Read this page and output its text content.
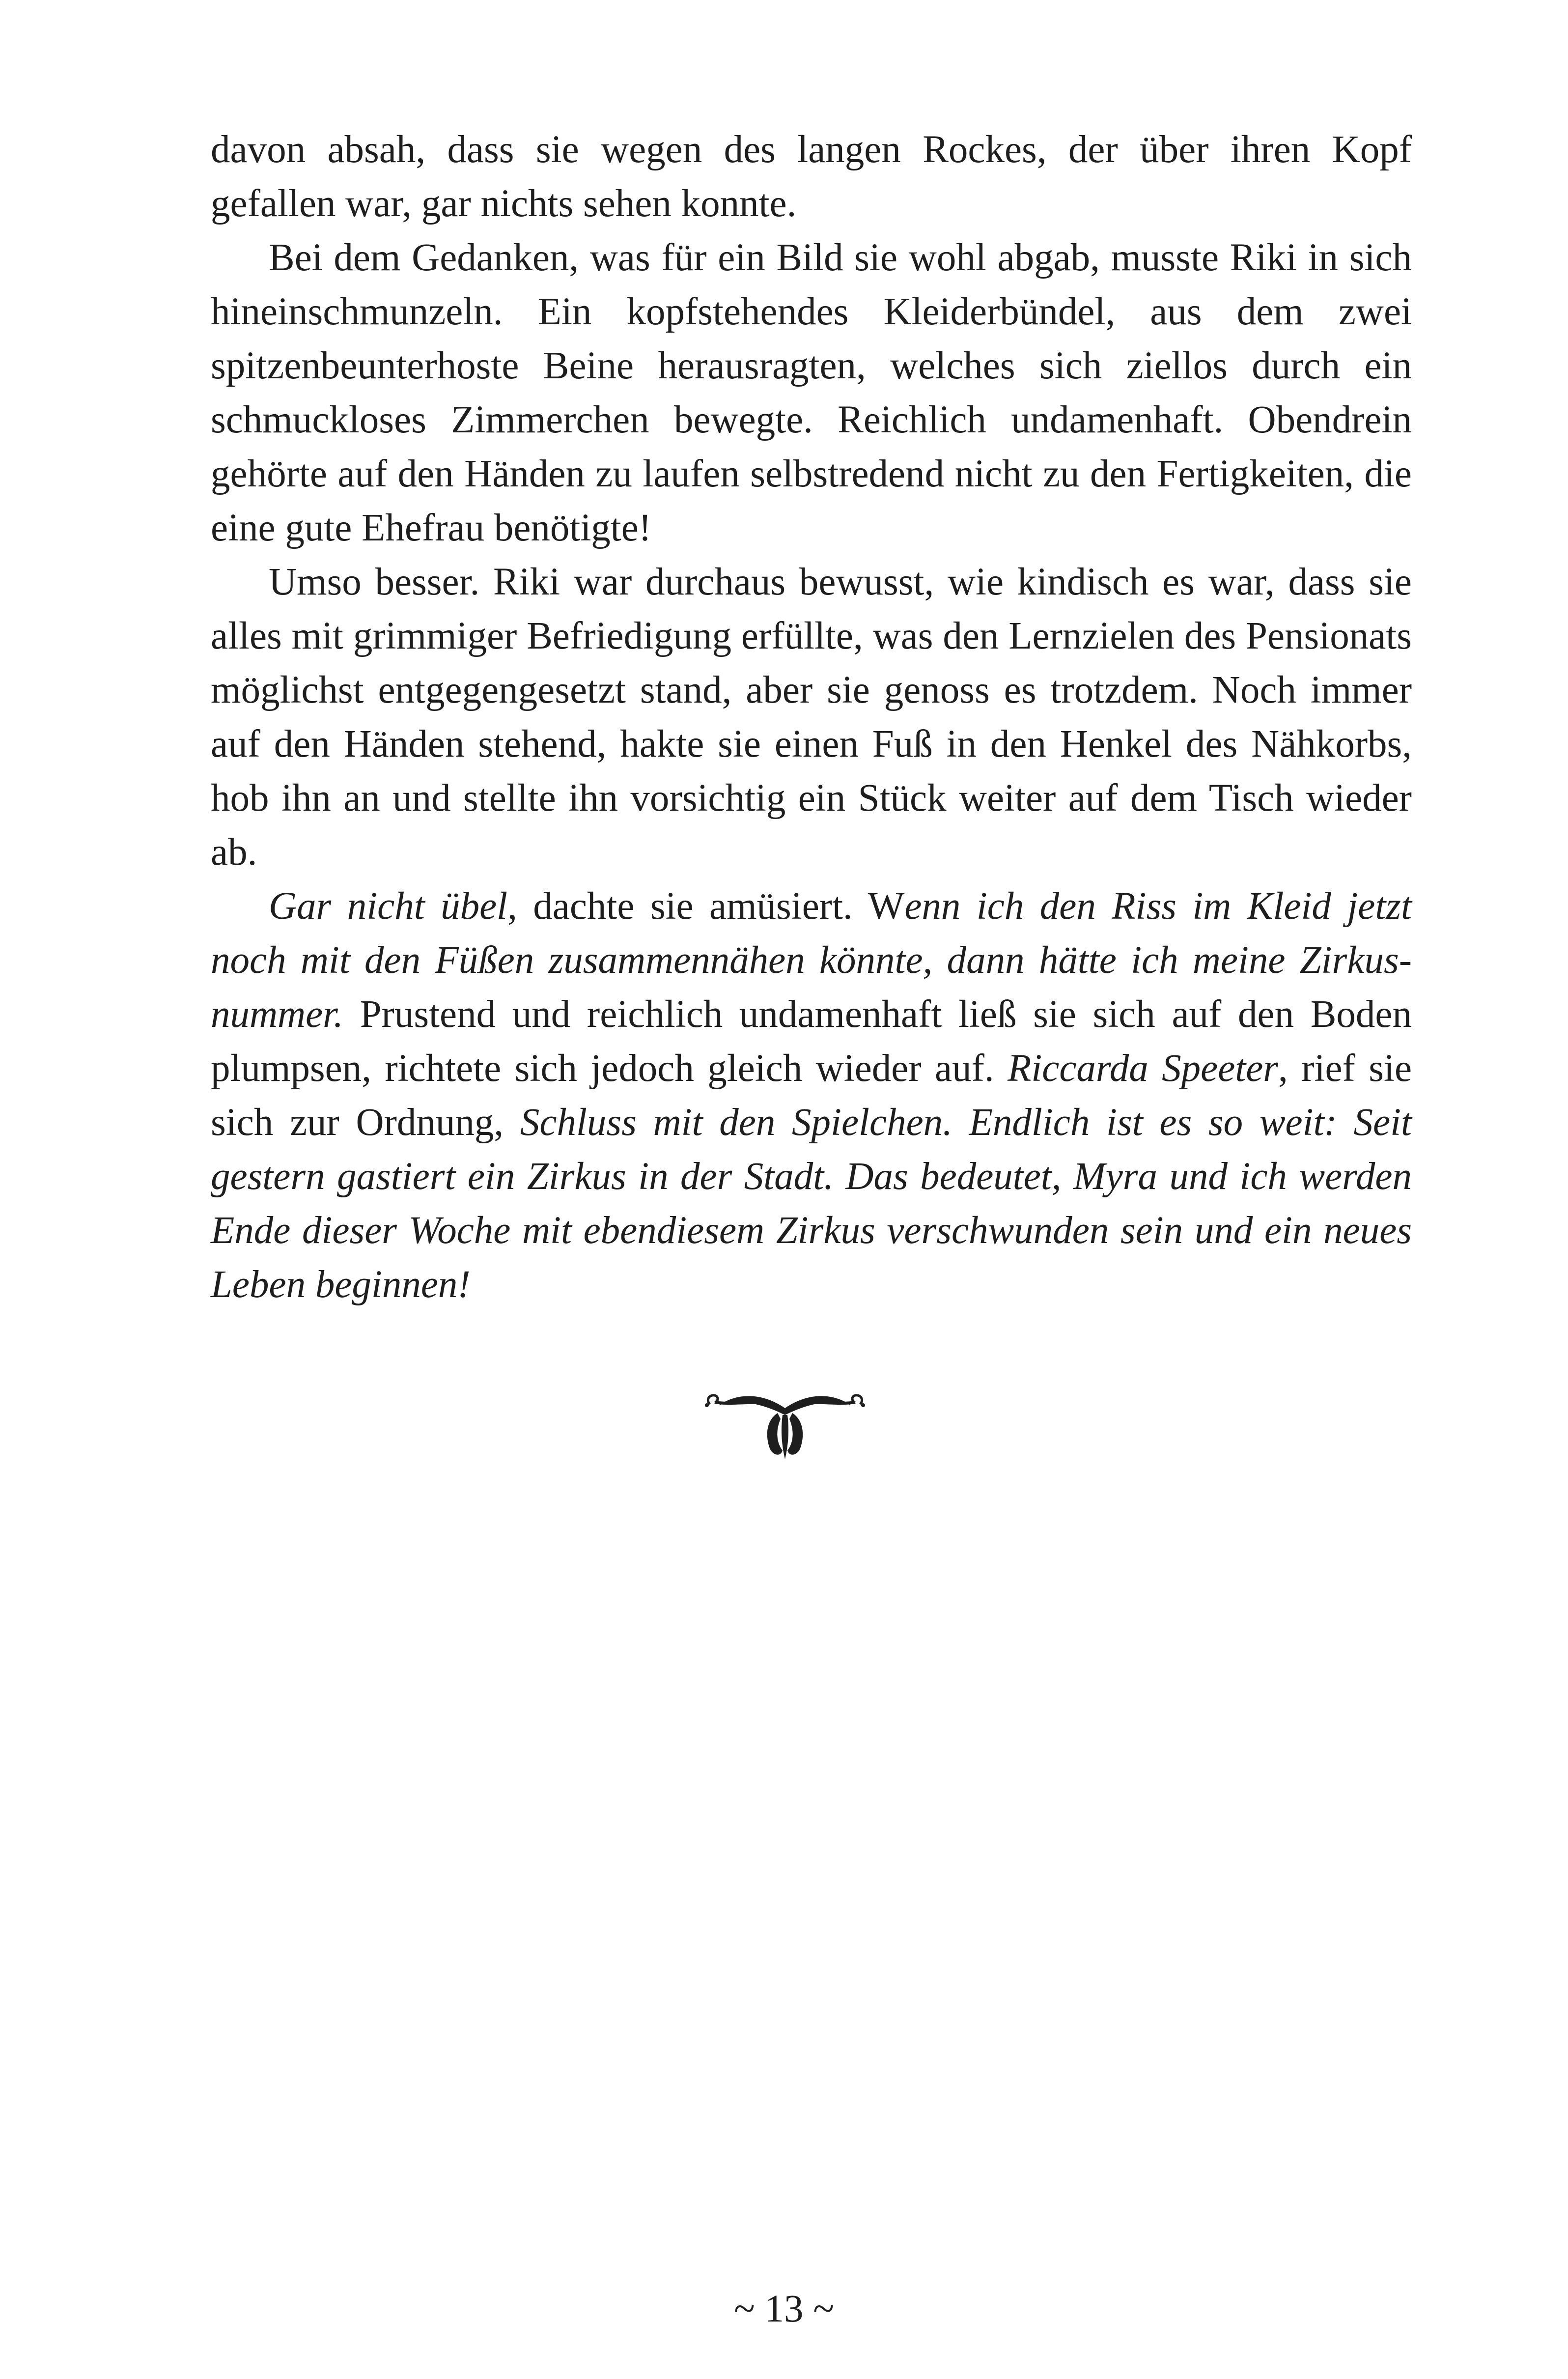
davon absah, dass sie wegen des langen Rockes, der über ihren Kopf gefallen war, gar nichts sehen konnte.

Bei dem Gedanken, was für ein Bild sie wohl abgab, musste Riki in sich hineinschmunzeln. Ein kopfstehendes Kleiderbündel, aus dem zwei spitzenbeunterhoste Beine herausragten, welches sich ziellos durch ein schmuckloses Zimmerchen bewegte. Reichlich undamenhaft. Obendrein gehörte auf den Händen zu laufen selbstredend nicht zu den Fertigkeiten, die eine gute Ehefrau benötigte!

Umso besser. Riki war durchaus bewusst, wie kindisch es war, dass sie alles mit grimmiger Befriedigung erfüllte, was den Lernzielen des Pensionats möglichst entgegengesetzt stand, aber sie genoss es trotzdem. Noch immer auf den Händen stehend, hakte sie einen Fuß in den Henkel des Nähkorbs, hob ihn an und stellte ihn vorsichtig ein Stück weiter auf dem Tisch wieder ab.

Gar nicht übel, dachte sie amüsiert. Wenn ich den Riss im Kleid jetzt noch mit den Füßen zusammennähen könnte, dann hätte ich meine Zirkusnummer. Prustend und reichlich undamenhaft ließ sie sich auf den Boden plumpsen, richtete sich jedoch gleich wieder auf. Riccarda Speeter, rief sie sich zur Ordnung, Schluss mit den Spielchen. Endlich ist es so weit: Seit gestern gastiert ein Zirkus in der Stadt. Das bedeutet, Myra und ich werden Ende dieser Woche mit ebendiesem Zirkus verschwunden sein und ein neues Leben beginnen!

~ 13 ~
